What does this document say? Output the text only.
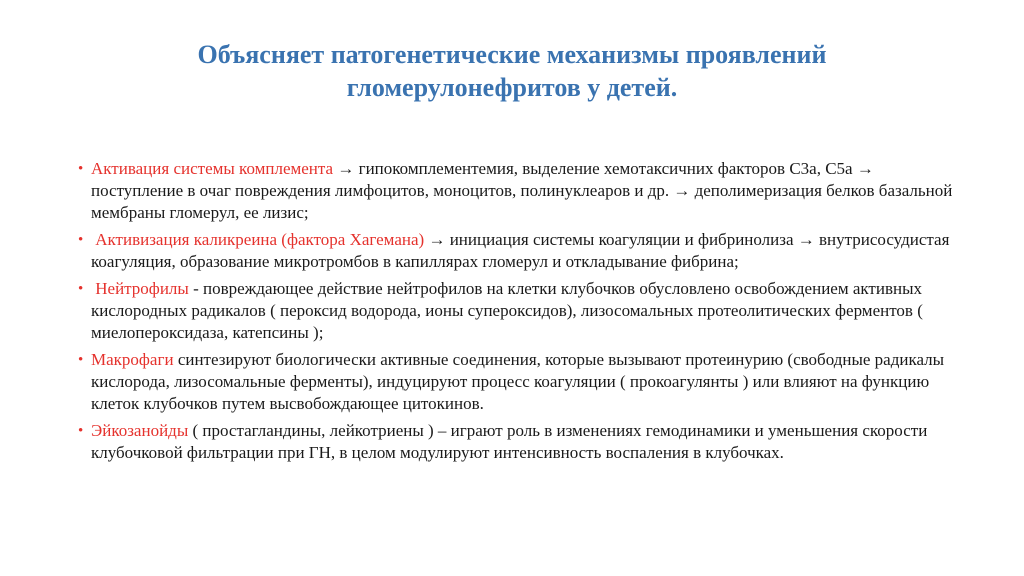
Объясняет патогенетические механизмы проявлений
гломерулонефритов у детей.
• Активация системы комплемента → гипокомплементемия, выделение хемотаксичних факторов С3а, С5а → поступление в очаг повреждения лимфоцитов, моноцитов, полинуклеаров и др. → деполимеризация белков базальной мембраны гломерул, ее лизис;
• Активизация каликреина (фактора Хагемана) → инициация системы коагуляции и фибринолиза → внутрисосудистая коагуляция, образование микротромбов в капиллярах гломерул и откладывание фибрина;
• Нейтрофилы - повреждающее действие нейтрофилов на клетки клубочков обусловлено освобождением активных кислородных радикалов ( пероксид водорода, ионы супероксидов), лизосомальных протеолитических ферментов ( миелопероксидаза, катепсины );
• Макрофаги синтезируют биологически активные соединения, которые вызывают протеинурию (свободные радикалы кислорода, лизосомальные ферменты), индуцируют процесс коагуляции ( прокоагулянты ) или влияют на функцию клеток клубочков путем высвобождающее цитокинов.
• Эйкозанойды ( простагландины, лейкотриены ) – играют роль в изменениях гемодинамики и уменьшения скорости клубочковой фильтрации при ГН, в целом модулируют интенсивность воспаления в клубочках.
